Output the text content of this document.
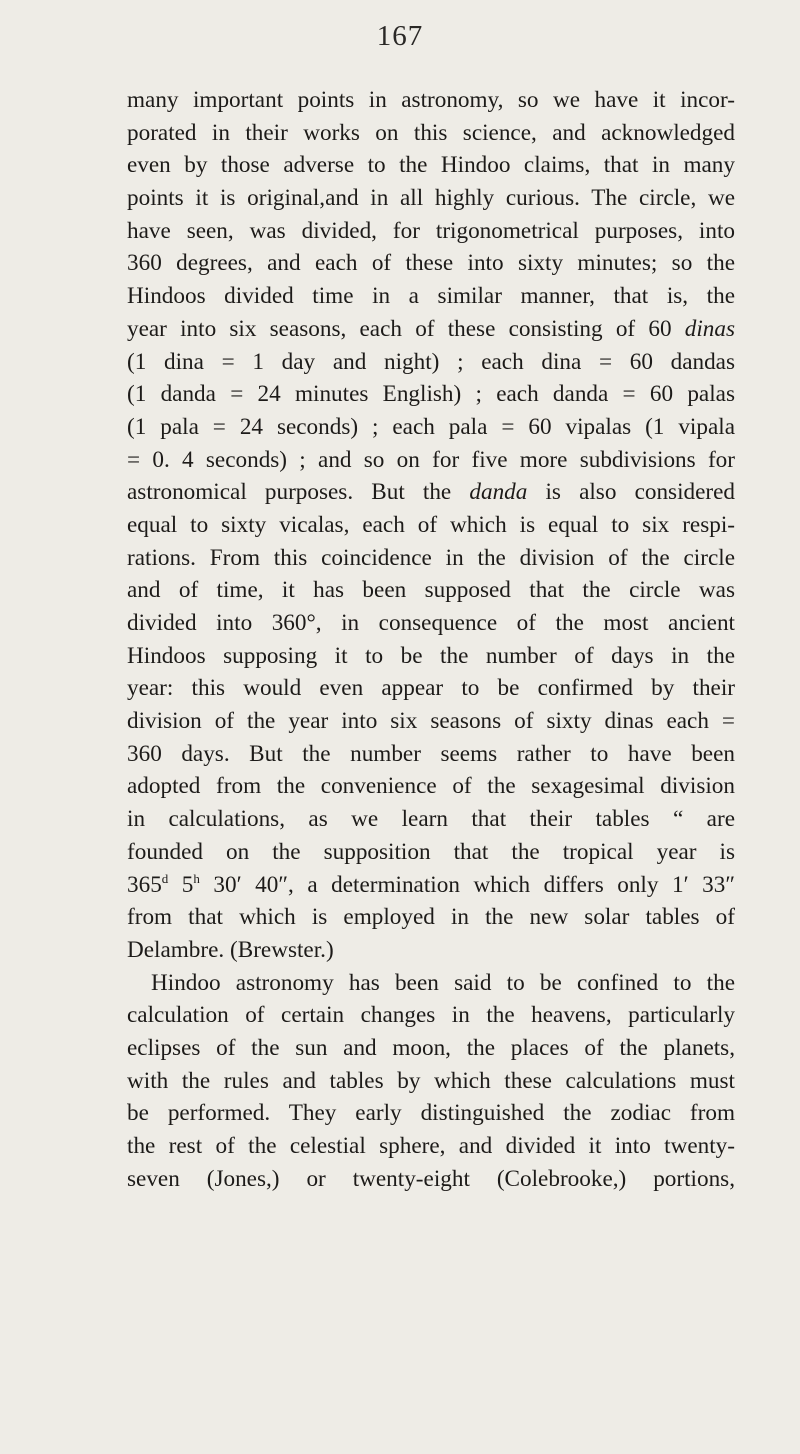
167
many important points in astronomy, so we have it incor-
porated in their works on this science, and acknowledged
even by those adverse to the Hindoo claims, that in many
points it is original,and in all highly curious. The circle, we
have seen, was divided, for trigonometrical purposes, into
360 degrees, and each of these into sixty minutes; so the
Hindoos divided time in a similar manner, that is, the
year into six seasons, each of these consisting of 60 dinas
(1 dina = 1 day and night) ; each dina = 60 dandas
(1 danda = 24 minutes English) ; each danda = 60 palas
(1 pala = 24 seconds) ; each pala = 60 vipalas (1 vipala
= 0. 4 seconds) ; and so on for five more subdivisions for
astronomical purposes. But the danda is also considered
equal to sixty vicalas, each of which is equal to six respi-
rations. From this coincidence in the division of the circle
and of time, it has been supposed that the circle was
divided into 360°, in consequence of the most ancient
Hindoos supposing it to be the number of days in the
year: this would even appear to be confirmed by their
division of the year into six seasons of sixty dinas each =
360 days. But the number seems rather to have been
adopted from the convenience of the sexagesimal division
in calculations, as we learn that their tables “ are
founded on the supposition that the tropical year is
365$^d$ 5$^h$ 30′ 40″, a determination which differs only 1′ 33″
from that which is employed in the new solar tables of
Delambre. (Brewster.)
Hindoo astronomy has been said to be confined to the
calculation of certain changes in the heavens, particularly
eclipses of the sun and moon, the places of the planets,
with the rules and tables by which these calculations must
be performed. They early distinguished the zodiac from
the rest of the celestial sphere, and divided it into twenty-
seven (Jones,) or twenty-eight (Colebrooke,) portions,
